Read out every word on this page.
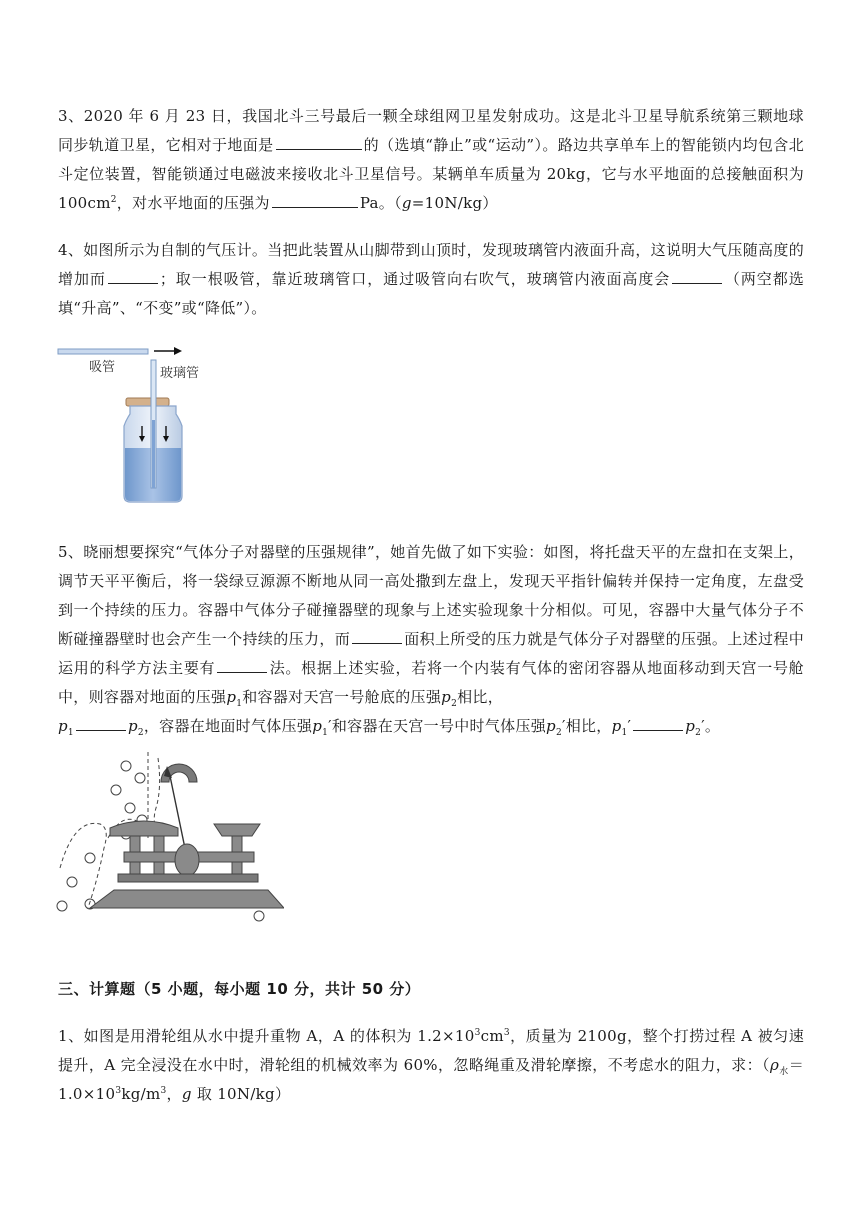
3、2020 年 6 月 23 日，我国北斗三号最后一颗全球组网卫星发射成功。这是北斗卫星导航系统第三颗地球同步轨道卫星，它相对于地面是	的（选填“静止”或“运动”）。路边共享单车上的智能锁内均包含北斗定位装置，智能锁通过电磁波来接收北斗卫星信号。某辆单车质量为 20kg，它与水平地面的总接触面积为 $100cm^2$，对水平地面的压强为	Pa。（g=10N/kg）
4、如图所示为自制的气压计。当把此装置从山脚带到山顶时，发现玻璃管内液面升高，这说明大气压随高度的增加而	；取一根吸管，靠近玻璃管口，通过吸管向右吹气，玻璃管内液面高度会	（两空都选填“升高”、“不变”或“降低”）。
吸管	玻璃管
5、晓丽想要探究“气体分子对器壁的压强规律”，她首先做了如下实验：如图，将托盘天平的左盘扣在支架上，调节天平平衡后，将一袋绿豆源源不断地从同一高处撒到左盘上，发现天平指针偏转并保持一定角度，左盘受到一个持续的压力。容器中气体分子碰撞器壁的现象与上述实验现象十分相似。可见，容器中大量气体分子不断碰撞器壁时也会产生一个持续的压力，而	面积上所受的压力就是气体分子对器壁的压强。上述过程中运用的科学方法主要有	法。根据上述实验，若将一个内装有气体的密闭容器从地面移动到天宫一号舱中，则容器对地面的压强$p_1$和容器对天宫一号舱底的压强$p_2$相比，
$p_1$	$p_2$，容器在地面时气体压强$p_1'$和容器在天宫一号中时气体压强$p_2'$相比，$p_1'$	$p_2'$。
三、计算题（5 小题，每小题 10 分，共计 50 分）
1、如图是用滑轮组从水中提升重物 A，A 的体积为 $1.2\times 10^3cm^3$，质量为 2100g，整个打捞过程 A 被匀速提升，A 完全浸没在水中时，滑轮组的机械效率为 60%，忽略绳重及滑轮摩擦，不考虑水的阻力，求：（$\rho_水=1.0\times 10^3kg/m^3$，g 取 10N/kg）
